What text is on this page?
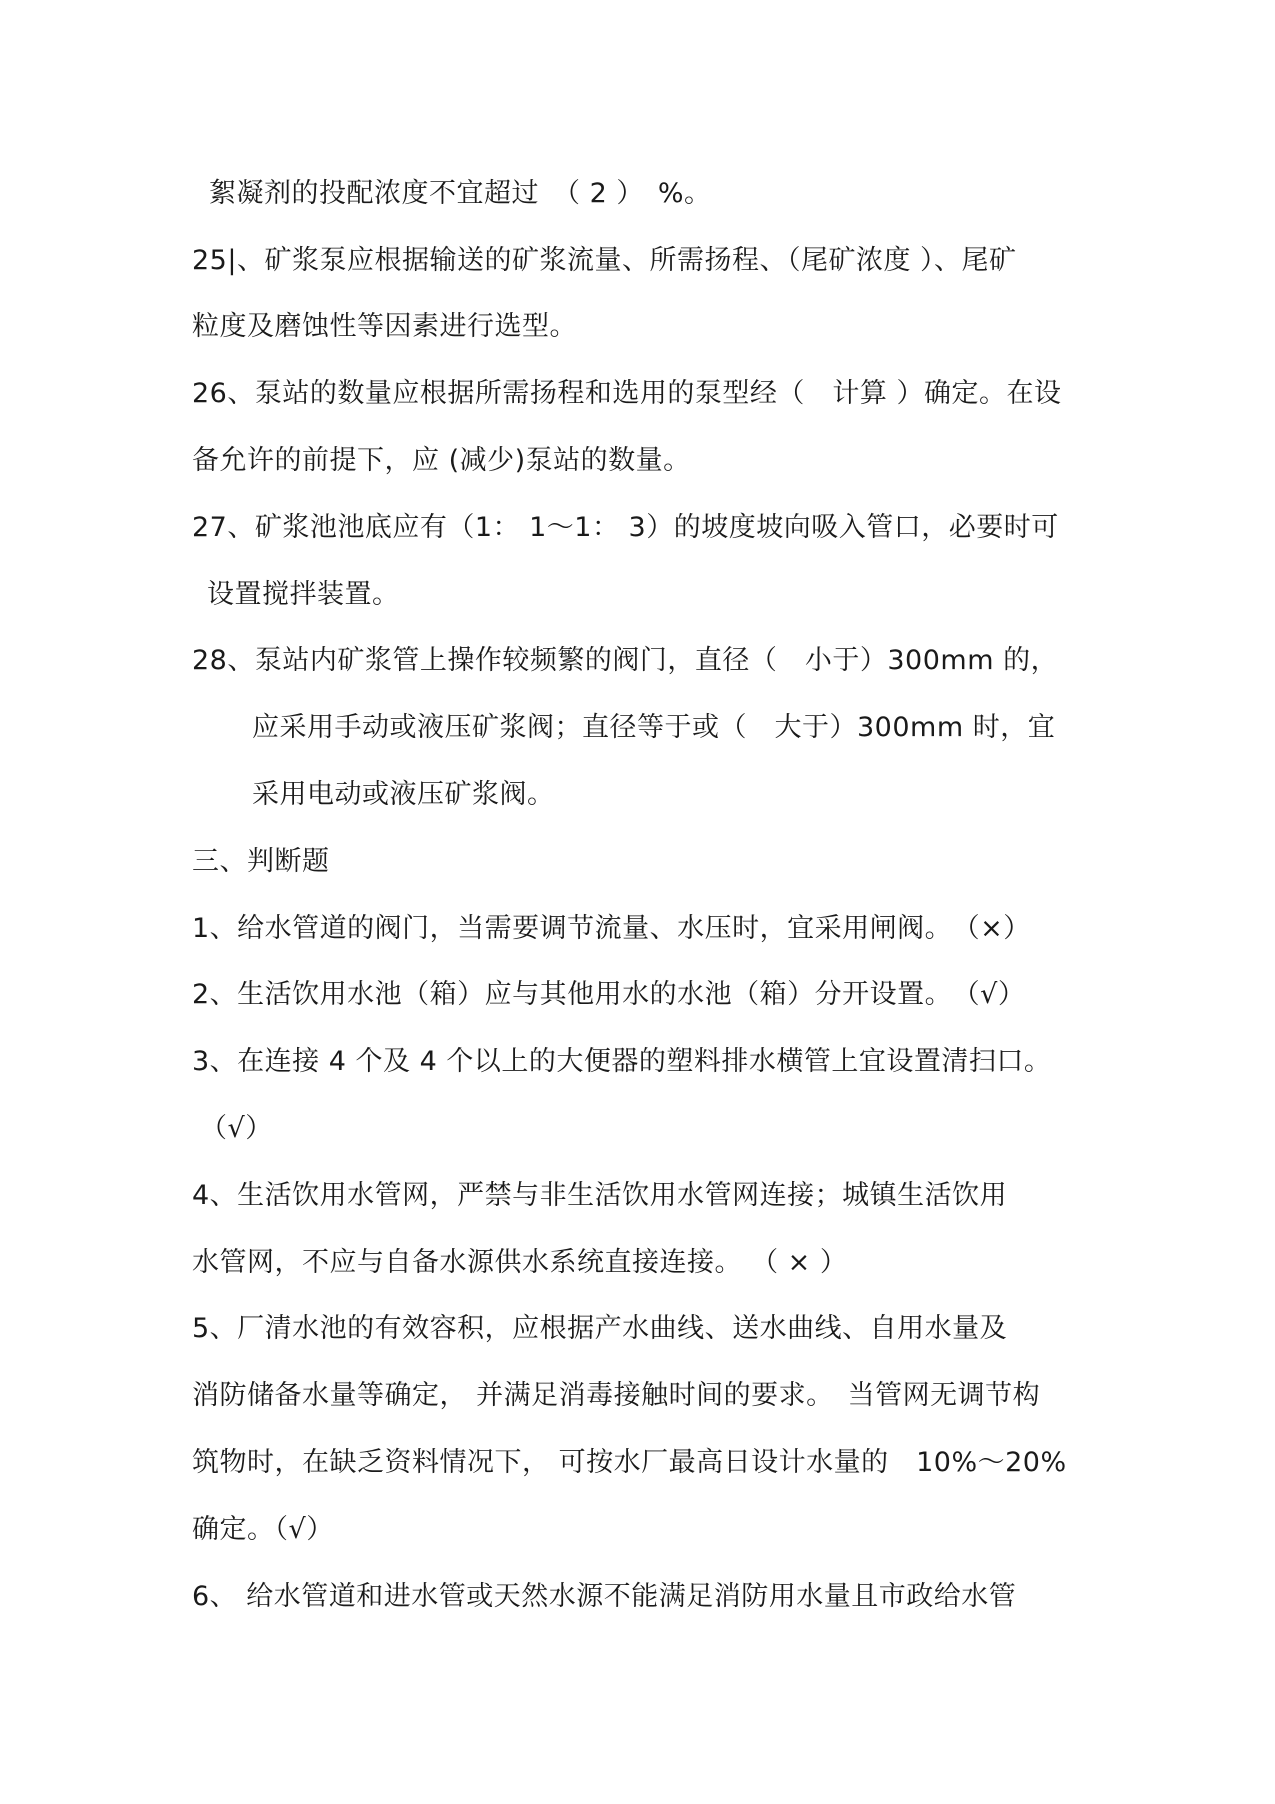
絮凝剂的投配浓度不宜超过　（ 2 ）　%。
25|、矿浆泵应根据输送的矿浆流量、所需扬程、（尾矿浓度 ）、尾矿
粒度及磨蚀性等因素进行选型。
26、泵站的数量应根据所需扬程和选用的泵型经（　计算 ）确定。在设
备允许的前提下，应 (减少)泵站的数量。
27、矿浆池池底应有（1： 1～1： 3）的坡度坡向吸入管口，必要时可
设置搅拌装置。
28、泵站内矿浆管上操作较频繁的阀门，直径（　小于）300mm 的，
应采用手动或液压矿浆阀；直径等于或（　大于）300mm 时，宜
采用电动或液压矿浆阀。
三、判断题
1、给水管道的阀门，当需要调节流量、水压时，宜采用闸阀。　（×）
2、生活饮用水池（箱）应与其他用水的水池（箱）分开设置。　（√）
3、在连接 4 个及 4 个以上的大便器的塑料排水横管上宜设置清扫口。
（√）
4、生活饮用水管网，严禁与非生活饮用水管网连接；城镇生活饮用
水管网，不应与自备水源供水系统直接连接。 （ × ）
5、厂清水池的有效容积，应根据产水曲线、送水曲线、自用水量及
消防储备水量等确定， 并满足消毒接触时间的要求。　当管网无调节构
筑物时，在缺乏资料情况下， 可按水厂最高日设计水量的　10%～20%
确定。（√）
6、 给水管道和进水管或天然水源不能满足消防用水量且市政给水管
